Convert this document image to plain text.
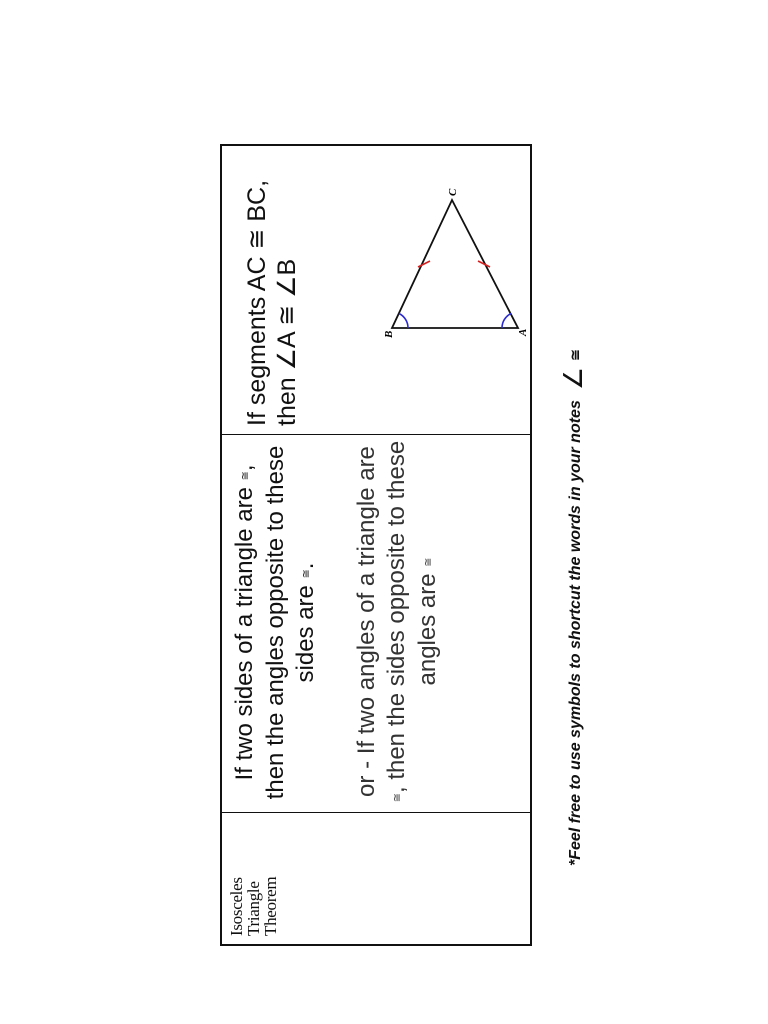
Isosceles
Triangle
Theorem
If two sides of a triangle are ≅, then the angles opposite to these sides are ≅. or - If two angles of a triangle are ≅, then the sides opposite to these angles are ≅
If segments AC ≅ BC, then ∠A ≅ ∠B	A
B
C
*Feel free to use symbols to shortcut the words in your notes∠≅
